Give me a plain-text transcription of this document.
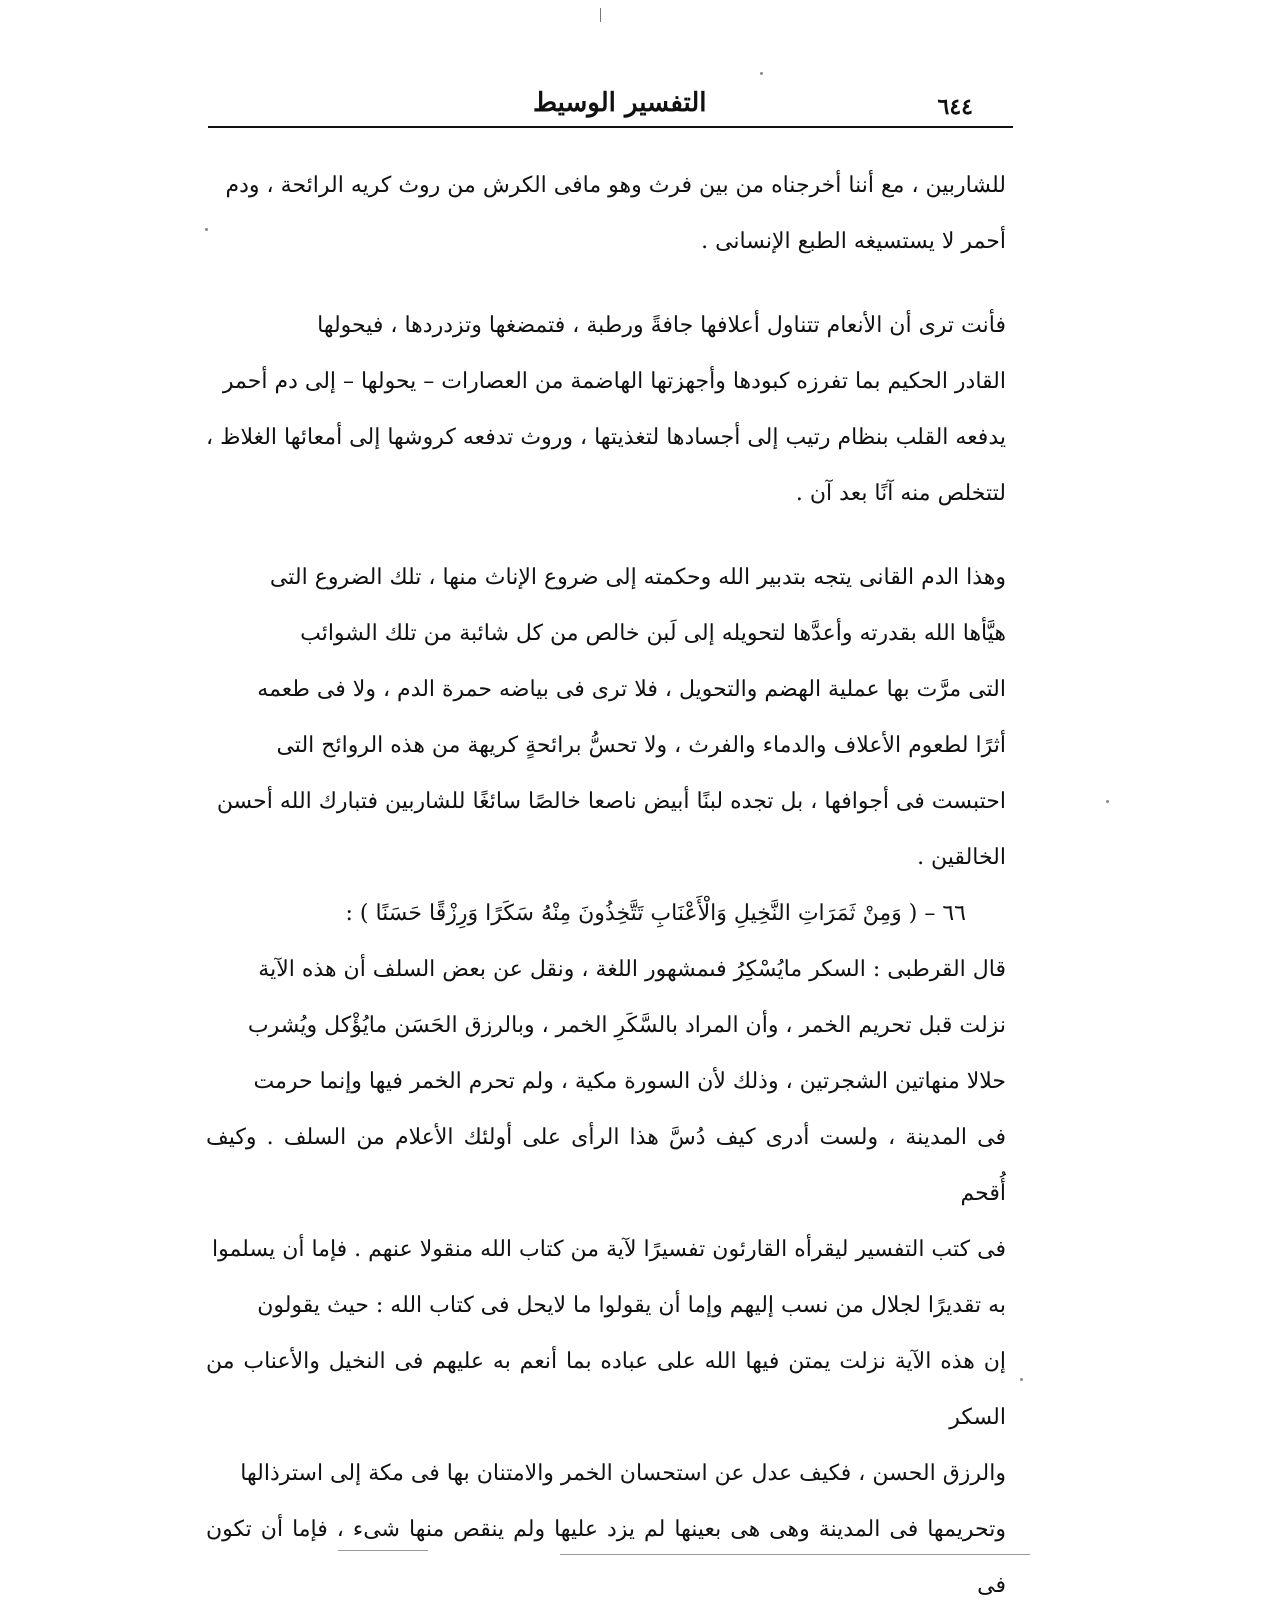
٦٤٤
التفسير الوسيط

للشاربين ، مع أننا أخرجناه من بين فرث وهو مافى الكرش من روث كريه الرائحة ، ودم
أحمر لا يستسيغه الطبع الإنسانى .

فأنت ترى أن الأنعام تتناول أعلافها جافةً ورطبة ، فتمضغها وتزدردها ، فيحولها
القادر الحكيم بما تفرزه كبودها وأجهزتها الهاضمة من العصارات – يحولها – إلى دم أحمر
يدفعه القلب بنظام رتيب إلى أجسادها لتغذيتها ، وروث تدفعه كروشها إلى أمعائها الغلاظ ،
لتتخلص منه آنًا بعد آن .

وهذا الدم القانى يتجه بتدبير الله وحكمته إلى ضروع الإناث منها ، تلك الضروع التى
هيَّأها الله بقدرته وأعدَّها لتحويله إلى لَبن خالص من كل شائبة من تلك الشوائب
التى مرَّت بها عملية الهضم والتحويل ، فلا ترى فى بياضه حمرة الدم ، ولا فى طعمه
أثرًا لطعوم الأعلاف والدماء والفرث ، ولا تحسُّ برائحةٍ كريهة من هذه الروائح التى
احتبست فى أجوافها ، بل تجده لبنًا أبيض ناصعا خالصًا سائغًا للشاربين فتبارك الله أحسن
الخالقين .

٦٦ – ( وَمِنْ ثَمَرَاتِ النَّخِيلِ وَالْأَعْنَابِ تَتَّخِذُونَ مِنْهُ سَكَرًا وَرِزْقًا حَسَنًا ) :

قال القرطبى : السكر مايُسْكِرُ فىمشهور اللغة ، ونقل عن بعض السلف أن هذه الآية
نزلت قبل تحريم الخمر ، وأن المراد بالسَّكَرِ الخمر ، وبالرزق الحَسَن مايُؤْكل ويُشرب
حلالا منهاتين الشجرتين ، وذلك لأن السورة مكية ، ولم تحرم الخمر فيها وإنما حرمت
فى المدينة ، ولست أدرى كيف دُسَّ هذا الرأى على أولئك الأعلام من السلف . وكيف أُقحم
فى كتب التفسير ليقرأه القارئون تفسيرًا لآية من كتاب الله منقولا عنهم . فإما أن يسلموا
به تقديرًا لجلال من نسب إليهم وإما أن يقولوا ما لايحل فى كتاب الله : حيث يقولون
إن هذه الآية نزلت يمتن فيها الله على عباده بما أنعم به عليهم فى النخيل والأعناب من السكر
والرزق الحسن ، فكيف عدل عن استحسان الخمر والامتنان بها فى مكة إلى استرذالها
وتحريمها فى المدينة وهى هى بعينها لم يزد عليها ولم ينقص منها شىء ، فإما أن تكون فى
